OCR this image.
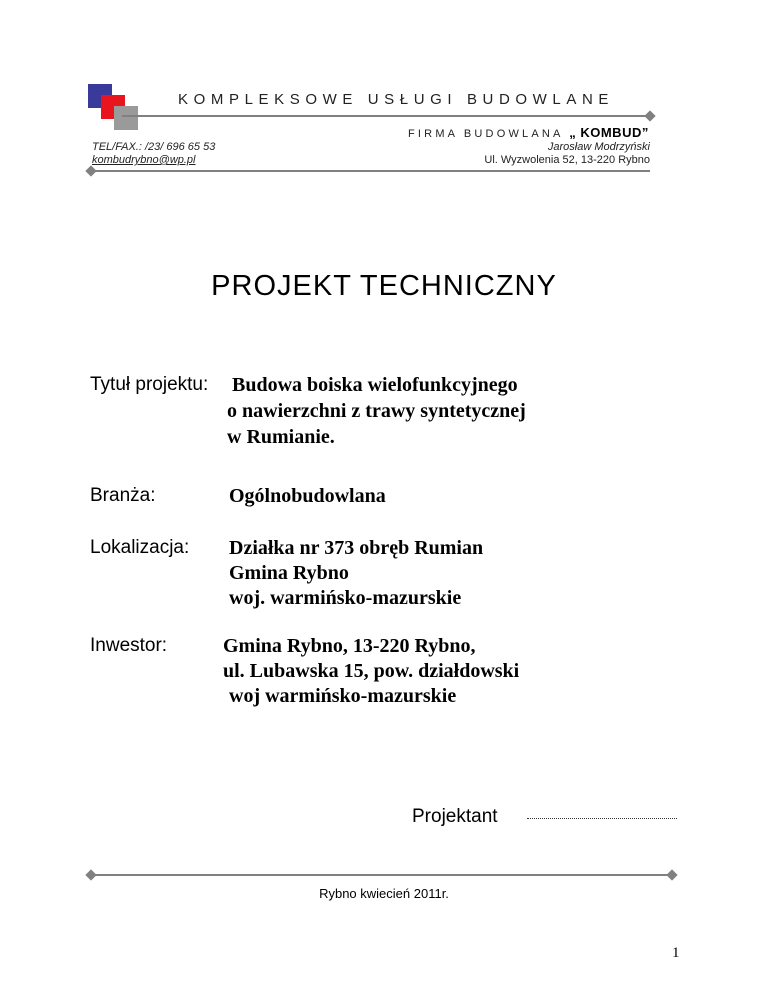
KOMPLEKSOWE USŁUGI BUDOWLANE
FIRMA BUDOWLANA „ KOMBUD”
TEL/FAX.: /23/ 696 65 53
kombudrybno@wp.pl
Jarosław Modrzyński
Ul. Wyzwolenia 52, 13-220 Rybno
PROJEKT TECHNICZNY
Tytuł projektu: Budowa boiska wielofunkcyjnego
o nawierzchni z trawy syntetycznej
w Rumianie.
Branża:	Ogólnobudowlana
Lokalizacja: Działka nr 373 obręb Rumian
Gmina Rybno
woj. warmińsko-mazurskie
Inwestor:	Gmina Rybno, 13-220 Rybno,
ul. Lubawska 15, pow. działdowski
woj warmińsko-mazurskie
Projektant
Rybno kwiecień 2011r.
1
